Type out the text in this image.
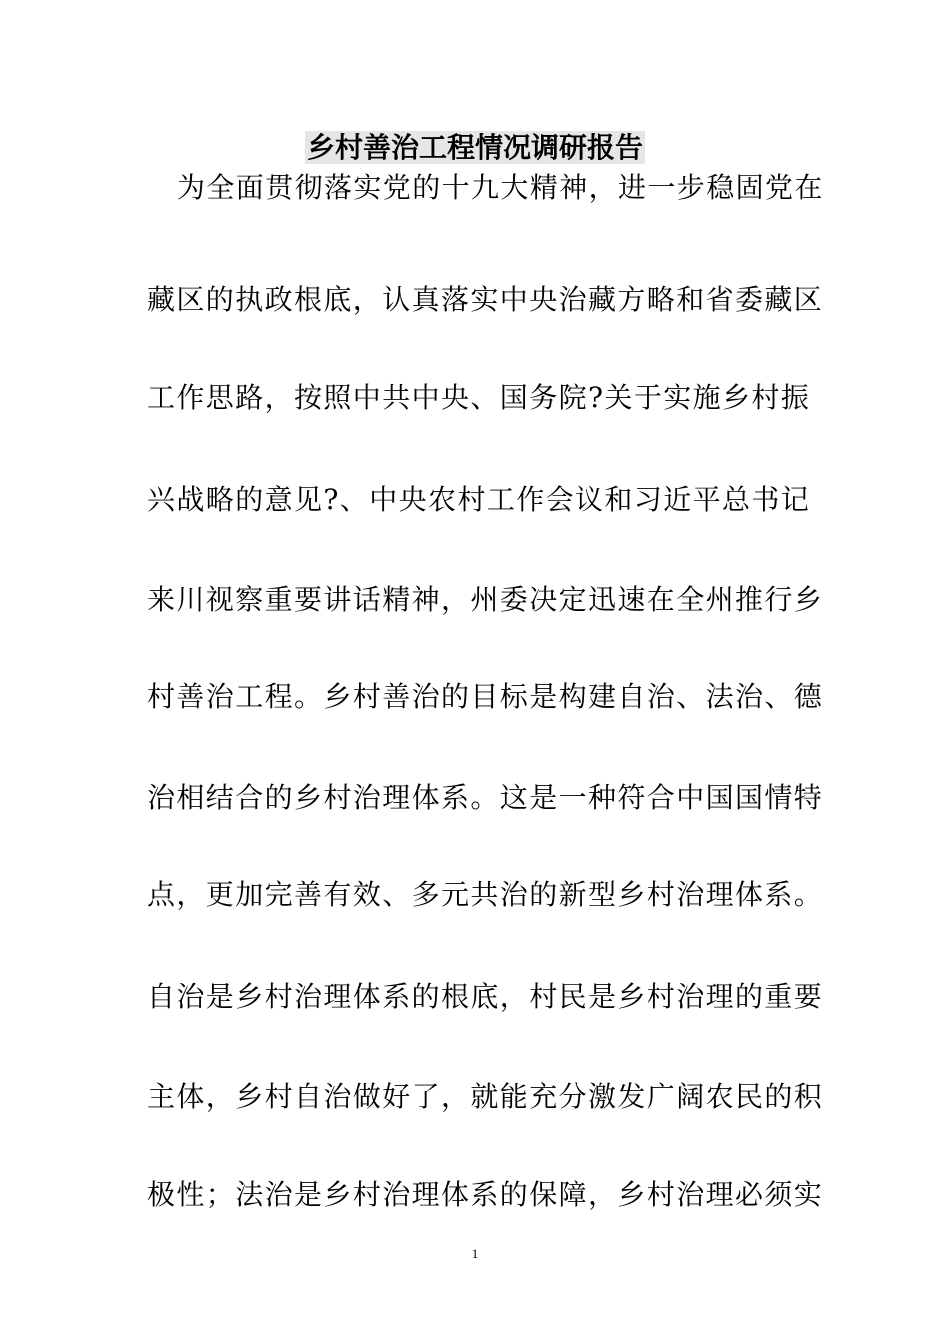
乡村善治工程情况调研报告
为全面贯彻落实党的十九大精神，进一步稳固党在
藏区的执政根底，认真落实中央治藏方略和省委藏区
工作思路，按照中共中央、国务院?关于实施乡村振
兴战略的意见?、中央农村工作会议和习近平总书记
来川视察重要讲话精神，州委决定迅速在全州推行乡
村善治工程。乡村善治的目标是构建自治、法治、德
治相结合的乡村治理体系。这是一种符合中国国情特
点，更加完善有效、多元共治的新型乡村治理体系。
自治是乡村治理体系的根底，村民是乡村治理的重要
主体，乡村自治做好了，就能充分激发广阔农民的积
极性；法治是乡村治理体系的保障，乡村治理必须实
1
